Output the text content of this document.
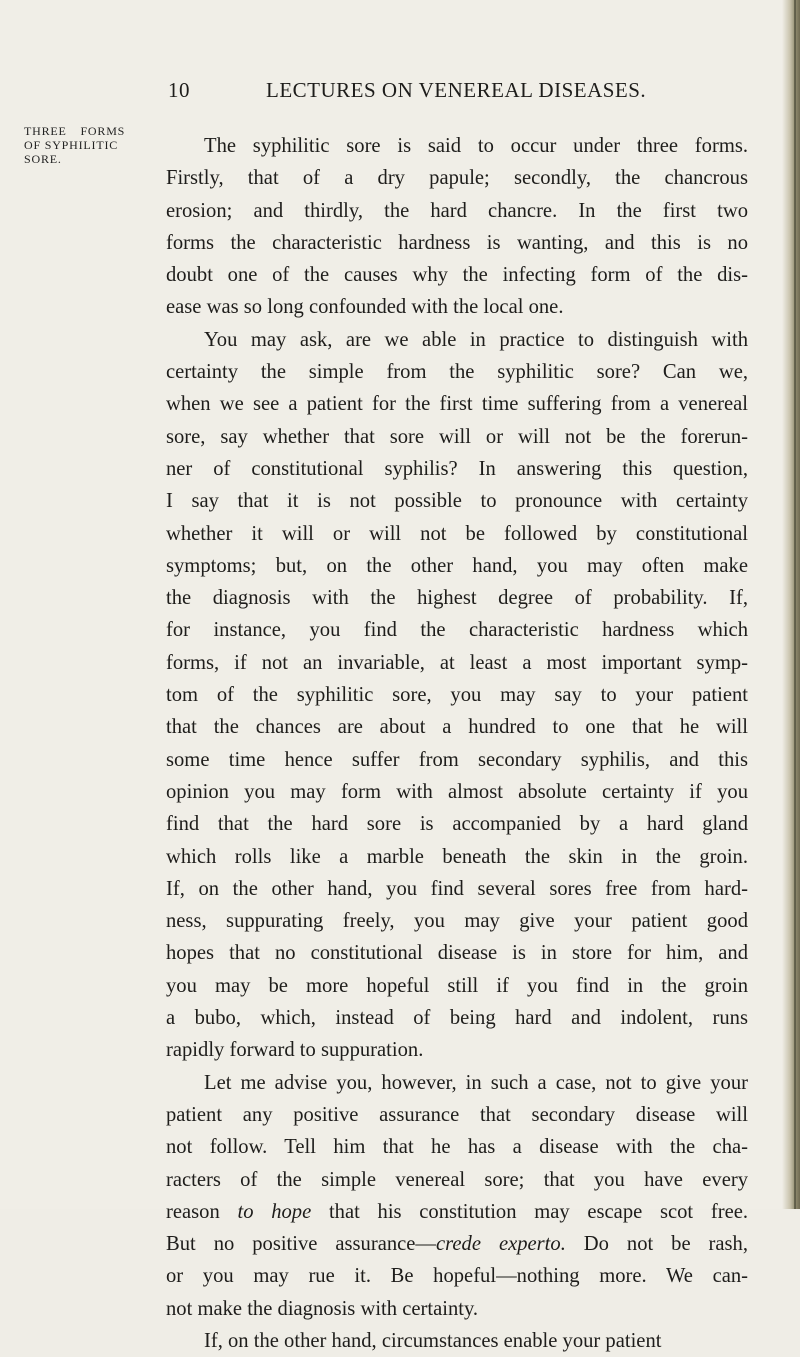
10	LECTURES ON VENEREAL DISEASES.
THREE FORMS
OF SYPHILITIC
SORE.
The syphilitic sore is said to occur under three forms.
Firstly, that of a dry papule; secondly, the chancrous
erosion; and thirdly, the hard chancre. In the first two
forms the characteristic hardness is wanting, and this is no
doubt one of the causes why the infecting form of the dis-
ease was so long confounded with the local one.
You may ask, are we able in practice to distinguish with
certainty the simple from the syphilitic sore? Can we,
when we see a patient for the first time suffering from a venereal
sore, say whether that sore will or will not be the forerun-
ner of constitutional syphilis? In answering this question,
I say that it is not possible to pronounce with certainty
whether it will or will not be followed by constitutional
symptoms; but, on the other hand, you may often make
the diagnosis with the highest degree of probability. If,
for instance, you find the characteristic hardness which
forms, if not an invariable, at least a most important symp-
tom of the syphilitic sore, you may say to your patient
that the chances are about a hundred to one that he will
some time hence suffer from secondary syphilis, and this
opinion you may form with almost absolute certainty if you
find that the hard sore is accompanied by a hard gland
which rolls like a marble beneath the skin in the groin.
If, on the other hand, you find several sores free from hard-
ness, suppurating freely, you may give your patient good
hopes that no constitutional disease is in store for him, and
you may be more hopeful still if you find in the groin
a bubo, which, instead of being hard and indolent, runs
rapidly forward to suppuration.
Let me advise you, however, in such a case, not to give your
patient any positive assurance that secondary disease will
not follow. Tell him that he has a disease with the cha-
racters of the simple venereal sore; that you have every
reason to hope that his constitution may escape scot free.
But no positive assurance—crede experto. Do not be rash,
or you may rue it. Be hopeful—nothing more. We can-
not make the diagnosis with certainty.
If, on the other hand, circumstances enable your patient
